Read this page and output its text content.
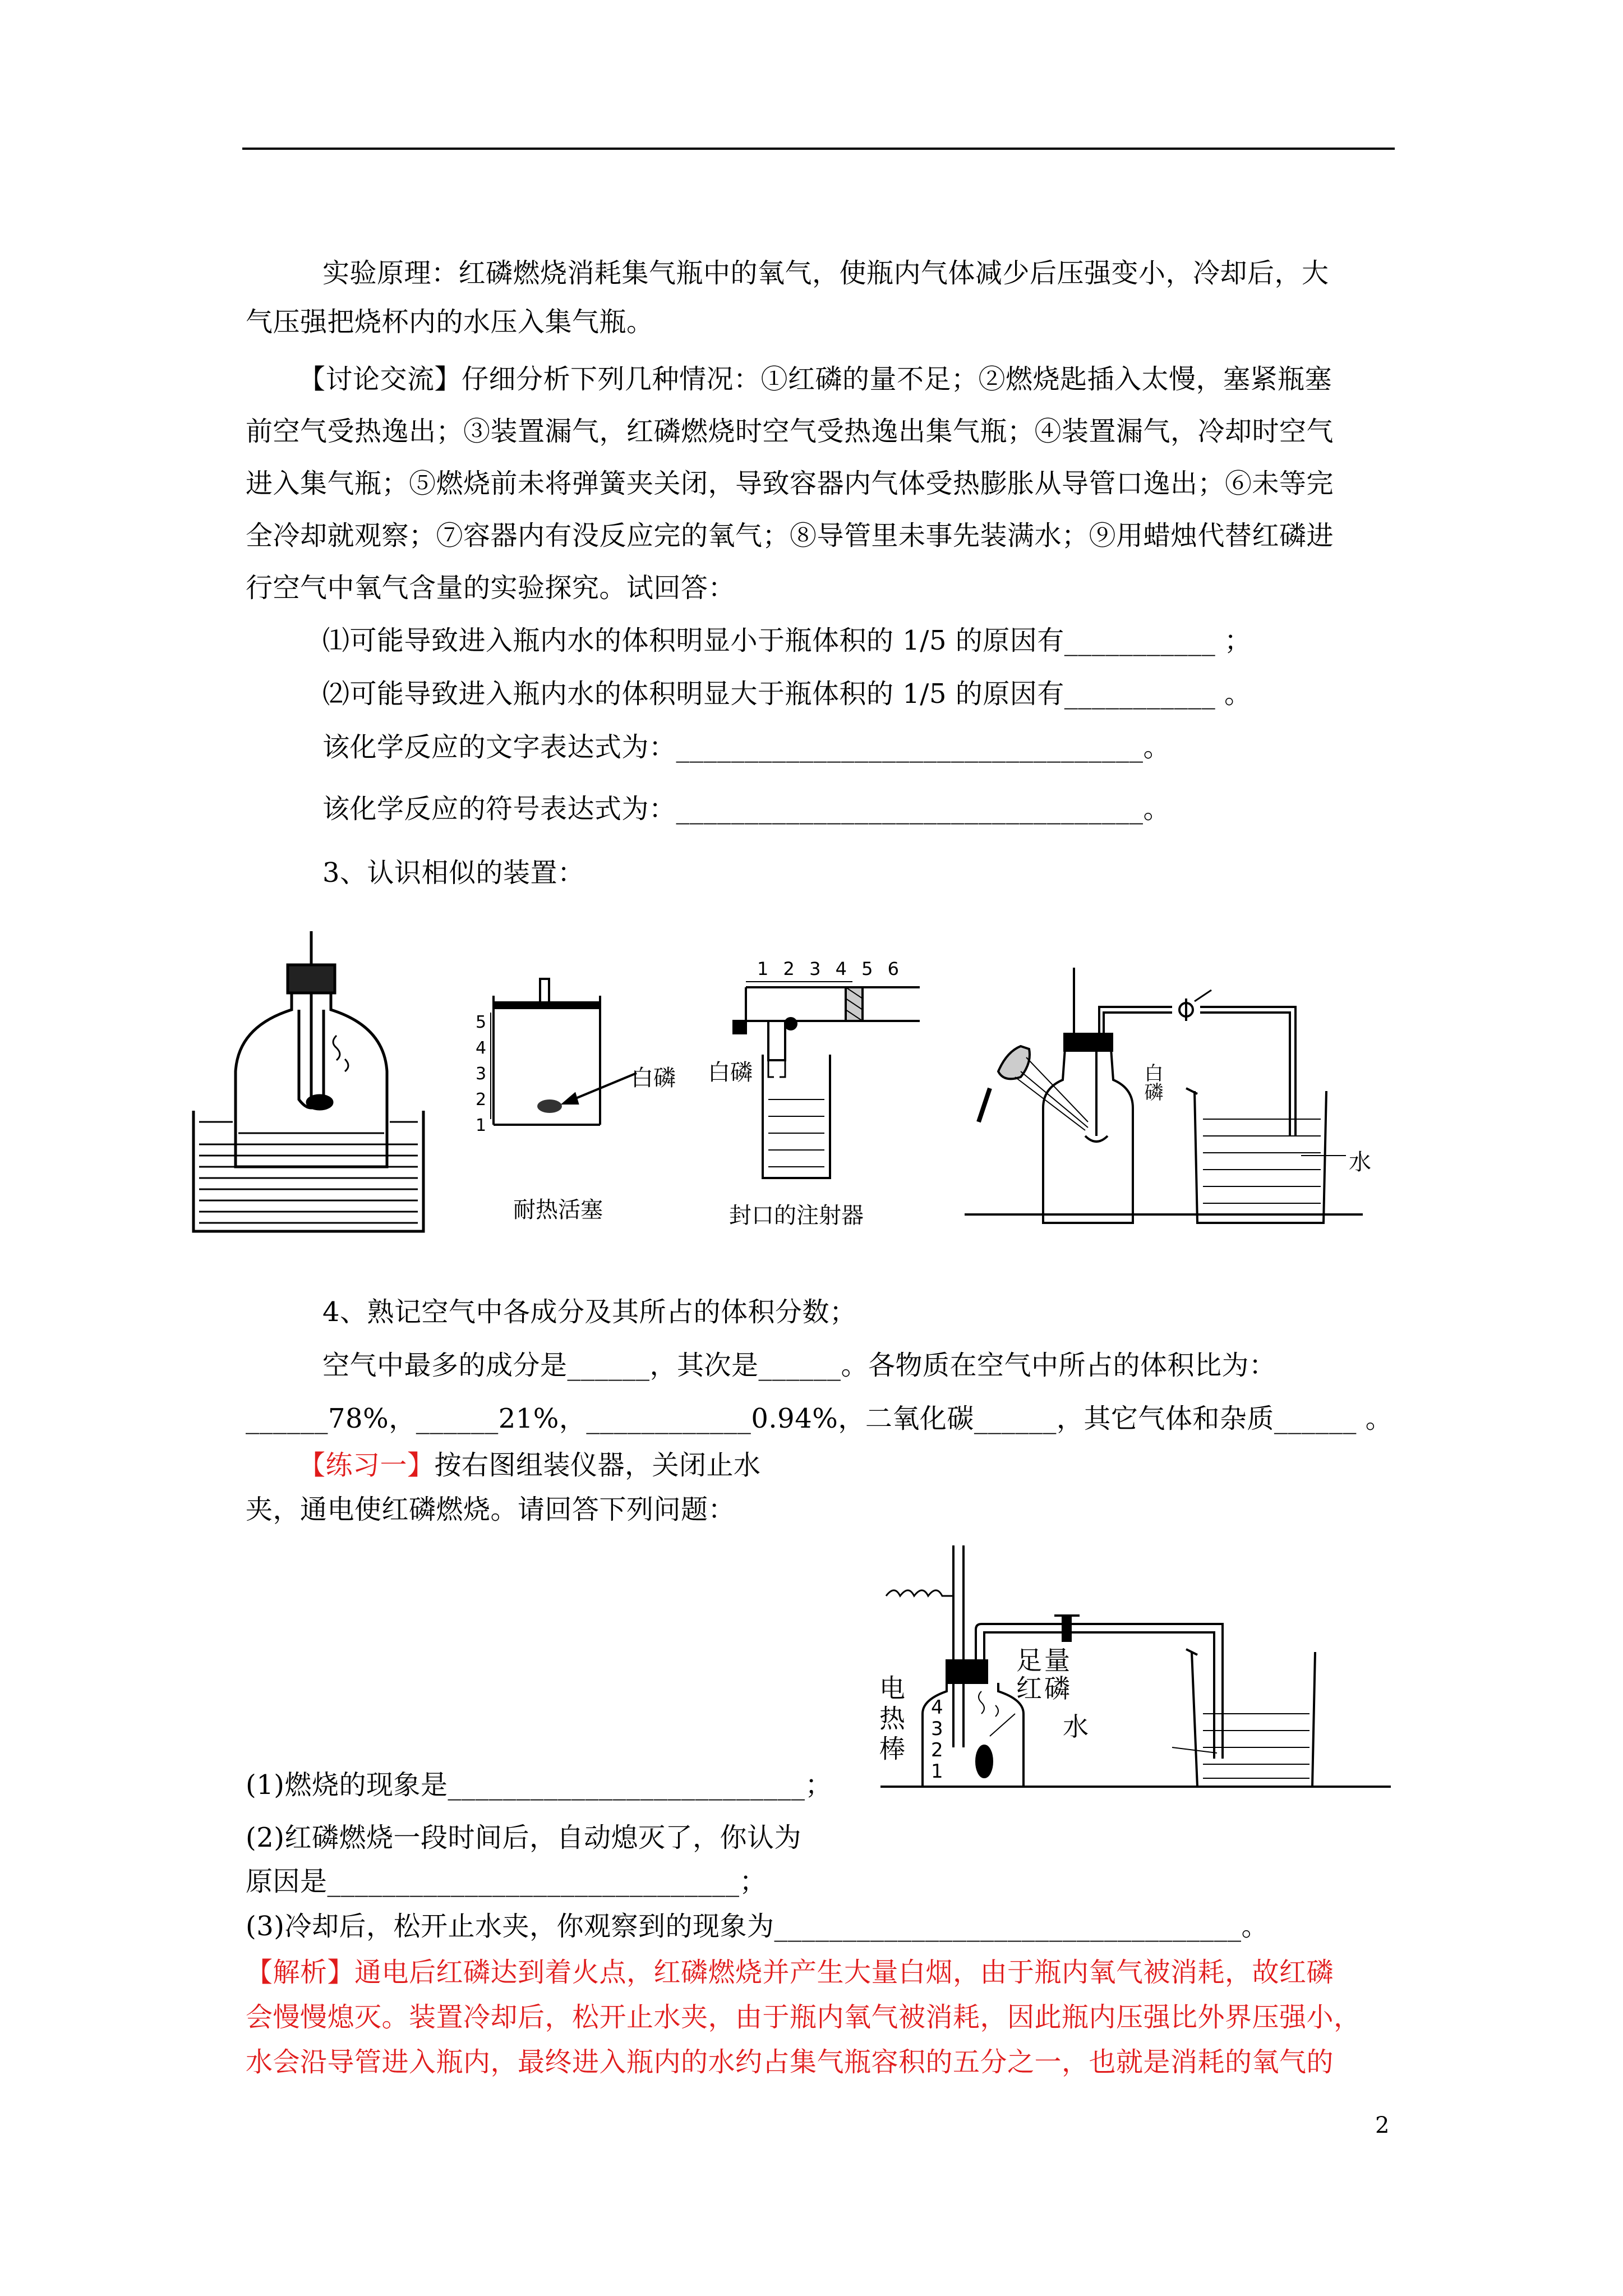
实验原理：红磷燃烧消耗集气瓶中的氧气，使瓶内气体减少后压强变小，冷却后，大
气压强把烧杯内的水压入集气瓶。
【讨论交流】仔细分析下列几种情况：①红磷的量不足；②燃烧匙插入太慢，塞紧瓶塞
前空气受热逸出；③装置漏气，红磷燃烧时空气受热逸出集气瓶；④装置漏气，冷却时空气
进入集气瓶；⑤燃烧前未将弹簧夹关闭，导致容器内气体受热膨胀从导管口逸出；⑥未等完
全冷却就观察；⑦容器内有没反应完的氧气；⑧导管里未事先装满水；⑨用蜡烛代替红磷进
行空气中氧气含量的实验探究。试回答：
⑴可能导致进入瓶内水的体积明显小于瓶体积的 1/5 的原因有___________ ；
⑵可能导致进入瓶内水的体积明显大于瓶体积的 1/5 的原因有___________ 。
该化学反应的文字表达式为：__________________________________。
该化学反应的符号表达式为：__________________________________。
3、认识相似的装置：
5
4
3
2
1
白磷
耐热活塞
1 2 3 4 5 6
白磷
封口的注射器
白磷
水
4、熟记空气中各成分及其所占的体积分数；
空气中最多的成分是______，其次是______。各物质在空气中所占的体积比为：
______78%，______21%，____________0.94%，二氧化碳______，其它气体和杂质______ 。
【练习一】按右图组装仪器，关闭止水
夹，通电使红磷燃烧。请回答下列问题：
电热棒
足量红磷
水
4
3
2
1
(1)燃烧的现象是__________________________；
(2)红磷燃烧一段时间后，自动熄灭了，你认为
原因是______________________________；
(3)冷却后，松开止水夹，你观察到的现象为__________________________________。
【解析】通电后红磷达到着火点，红磷燃烧并产生大量白烟，由于瓶内氧气被消耗，故红磷
会慢慢熄灭。装置冷却后，松开止水夹，由于瓶内氧气被消耗，因此瓶内压强比外界压强小，
水会沿导管进入瓶内，最终进入瓶内的水约占集气瓶容积的五分之一，也就是消耗的氧气的
2
